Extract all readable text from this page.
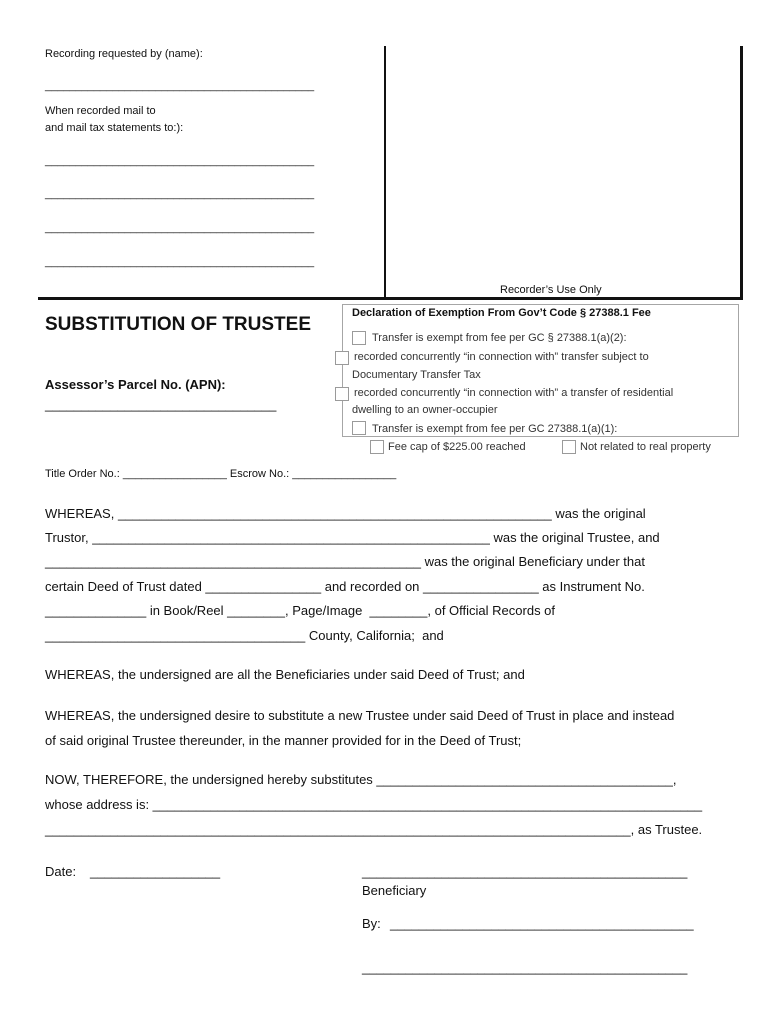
Recording requested by (name):
____________________________________________
When recorded mail to
and mail tax statements to:):
____________________________________________
____________________________________________
____________________________________________
____________________________________________
Recorder’s Use Only
SUBSTITUTION OF TRUSTEE
Assessor’s Parcel No. (APN):
________________________________
Declaration of Exemption From Gov’t Code § 27388.1 Fee
Transfer is exempt from fee per GC § 27388.1(a)(2):
recorded concurrently “in connection with” transfer subject to
Documentary Transfer Tax
recorded concurrently “in connection with” a transfer of residential
dwelling to an owner-occupier
Transfer is exempt from fee per GC 27388.1(a)(1):
Fee cap of $225.00 reached	Not related to real property
Title Order No.: _________________ Escrow No.: _________________
WHEREAS, ____________________________________________________________ was the original
Trustor, _______________________________________________________ was the original Trustee, and
____________________________________________________ was the original Beneficiary under that
certain Deed of Trust dated ________________ and recorded on ________________ as Instrument No.
______________ in Book/Reel ________, Page/Image  ________, of Official Records of
____________________________________ County, California;  and
WHEREAS, the undersigned are all the Beneficiaries under said Deed of Trust; and
WHEREAS, the undersigned desire to substitute a new Trustee under said Deed of Trust in place and instead
of said original Trustee thereunder, in the manner provided for in the Deed of Trust;
NOW, THEREFORE, the undersigned hereby substitutes _________________________________________,
whose address is: ____________________________________________________________________________
_________________________________________________________________________________, as Trustee.
Date: __________________	_____________________________________________
Beneficiary
By: __________________________________________
_____________________________________________
